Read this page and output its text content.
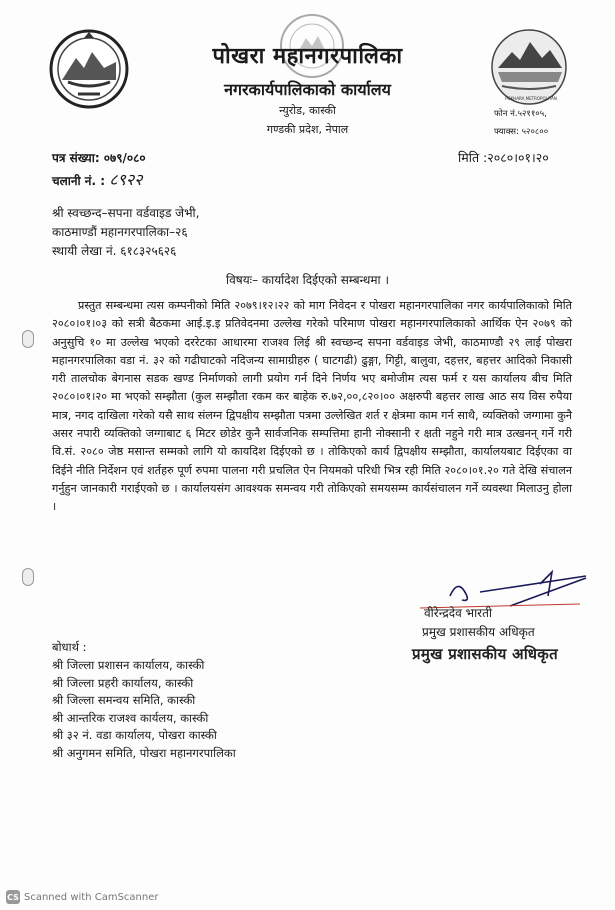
POKHARA METROPOLITAN
पोखरा महानगरपालिका
नगरकार्यपालिकाको कार्यालय
न्युरोड, कास्की
गण्डकी प्रदेश, नेपाल
फोन नं.५२११०५,
फ्याक्स: ५२०८००
पत्र संख्या: ०७९/०८०
चलानी नं. : ८९२२
मिति :२०८०।०१।२०
श्री स्वच्छन्द–सपना वर्डवाइड जेभी,
काठमाण्डौं महानगरपालिका–२६
स्थायी लेखा नं. ६१८३२५६२६
विषयः– कार्यादेश दिईएको सम्बन्धमा ।

प्रस्तुत सम्बन्धमा त्यस कम्पनीको मिति २०७९।१२।२२ को माग निवेदन र पोखरा महानगरपालिका नगर कार्यपालिकाको मिति २०८०।०१।०३ को सत्री बैठकमा आई.इ.इ प्रतिवेदनमा उल्लेख गरेको परिमाण पोखरा महानगरपालिकाको आर्थिक ऐन २०७९ को अनुसुचि १० मा उल्लेख भएको दररेटका आधारमा राजश्व लिई श्री स्वच्छन्द सपना वर्डवाइड जेभी, काठमाण्डौ २९ लाई पोखरा महानगरपालिका वडा नं. ३२ को गढीघाटको नदिजन्य सामाग्रीहरु ( घाटगढी) ढुङ्गा, गिट्टी, बालुवा, दहत्तर, बहत्तर आदिको निकासी गरी तालचोक बेगनास सडक खण्ड निर्माणको लागी प्रयोग गर्न दिने निर्णय भए बमोजीम त्यस फर्म र यस कार्यालय बीच मिति २०८०।०१।२० मा भएको सम्झौता (कुल सम्झौता रकम कर बाहेक रु.७२,००,८२०।०० अक्षरुपी बहत्तर लाख आठ सय विस रुपैया मात्र, नगद दाखिला गरेको यसै साथ संलग्न द्विपक्षीय सम्झौता पत्रमा उल्लेखित शर्त र क्षेत्रमा काम गर्न साथै, व्यक्तिको जग्गामा कुनै असर नपारी व्यक्तिको जग्गाबाट ६ मिटर छोडेर कुनै सार्वजनिक सम्पत्तिमा हानी नोक्सानी र क्षती नहुने गरी मात्र उत्खनन् गर्ने गरी वि.सं. २०८० जेष्ठ मसान्त सम्मको लागि यो कायदिश दिईएको छ । तोकिएको कार्य द्विपक्षीय सम्झौता, कार्यालयबाट दिईएका वा दिईने नीति निर्देशन एवं शर्तहरु पूर्ण रुपमा पालना गरी प्रचलित ऐन नियमको परिधी भित्र रही मिति २०८०।०१.२० गते देखि संचालन गर्नुहुन जानकारी गराईएको छ । कार्यालयसंग आवश्यक समन्वय गरी तोकिएको समयसम्म कार्यसंचालन गर्ने व्यवस्था मिलाउनु होला ।

वीरेन्द्रदेव भारती
प्रमुख प्रशासकीय अधिकृत
प्रमुख प्रशासकीय अधिकृत
बोधार्थ :
श्री जिल्ला प्रशासन कार्यालय, कास्की
श्री जिल्ला प्रहरी कार्यालय, कास्की
श्री जिल्ला समन्वय समिति, कास्की
श्री आन्तरिक राजश्व कार्यलय, कास्की
श्री ३२ नं. वडा कार्यालय, पोखरा कास्की
श्री अनुगमन समिति, पोखरा महानगरपालिका
CS Scanned with CamScanner
